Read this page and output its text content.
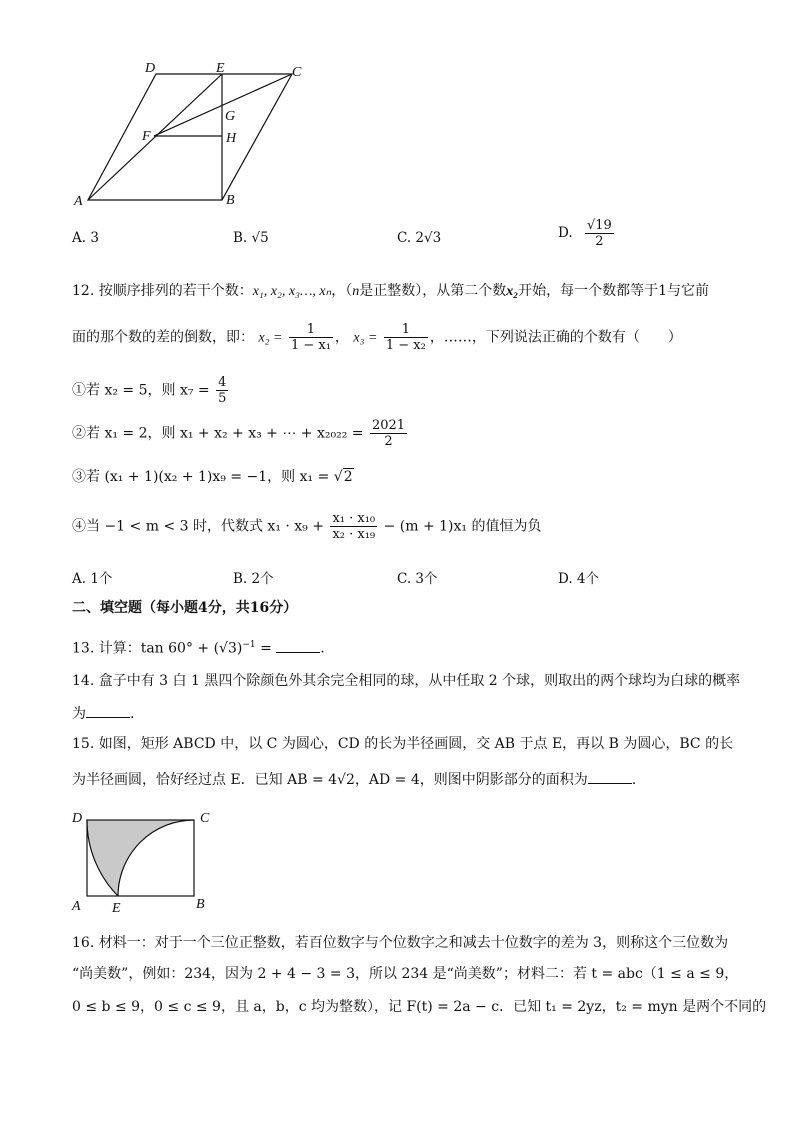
D	E	C
G
F	H
A	B
A. 3	B. √5	C. 2√3	D. $\frac{√19}{2}$
12. 按顺序排列的若干个数：x₁, x₂, x₃…, xₙ，（n是正整数），从第二个数x₂开始，每一个数都等于1与它前
面的那个数的差的倒数，即： $x_2 = \frac{1}{\text{1 − x₁}}$ ， $x_3 = \frac{1}{\text{1 − x₂}}$ ，……，下列说法正确的个数有（　　）
①若 x₂ = 5，则 $x_7 = \frac{4}{5}$
②若 x₁ = 2，则 x₁ + x₂ + x₃ + ⋯ + $x_{2022} = \frac{2021}{2}$
③若 (x₁ + 1)(x₂ + 1)x₉ = −1，则 x₁ = √2
④当 −1 < m < 3 时，代数式 $x_1 \cdot x_9 + \frac{\text{x₁ · x₁₀}}{\text{x₂ · x₁₉}} - (m + 1)x_1$ 的值恒为负
A. 1个	B. 2个	C. 3个	D. 4个
二、填空题（每小题4分，共16分）
13. 计算：$\tan 60^\circ + (√3)^{-1}$ =	.
14. 盒子中有 3 白 1 黑四个除颜色外其余完全相同的球，从中任取 2 个球，则取出的两个球均为白球的概率
为	.
15. 如图，矩形 ABCD 中，以 C 为圆心，CD 的长为半径画圆，交 AB 于点 E，再以 B 为圆心，BC 的长
为半径画圆，恰好经过点 E．已知 AB = 4√2，AD = 4，则图中阴影部分的面积为	.
D	C
A E	B
16. 材料一：对于一个三位正整数，若百位数字与个位数字之和减去十位数字的差为 3，则称这个三位数为
“尚美数”，例如：234，因为 2 + 4 − 3 = 3，所以 234 是“尚美数”；材料二：若 t = abc（1 ≤ a ≤ 9，
0 ≤ b ≤ 9，0 ≤ c ≤ 9，且 a，b，c 均为整数），记 F(t) = 2a − c．已知 t₁ = 2yz，t₂ = myn 是两个不同的
